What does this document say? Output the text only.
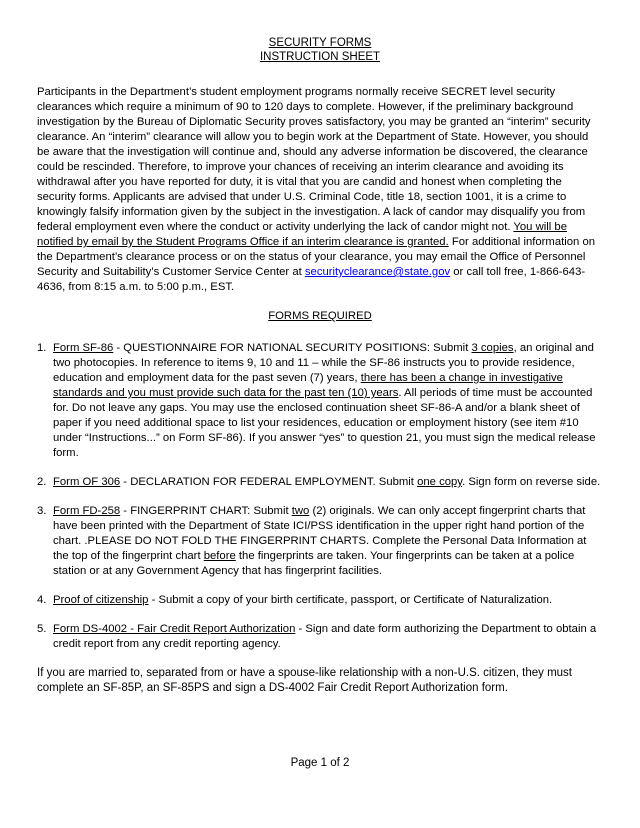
SECURITY FORMS
INSTRUCTION SHEET

Participants in the Department’s student employment programs normally receive SECRET level security clearances which require a minimum of 90 to 120 days to complete. However, if the preliminary background investigation by the Bureau of Diplomatic Security proves satisfactory, you may be granted an “interim” security clearance. An “interim” clearance will allow you to begin work at the Department of State. However, you should be aware that the investigation will continue and, should any adverse information be discovered, the clearance could be rescinded. Therefore, to improve your chances of receiving an interim clearance and avoiding its withdrawal after you have reported for duty, it is vital that you are candid and honest when completing the security forms. Applicants are advised that under U.S. Criminal Code, title 18, section 1001, it is a crime to knowingly falsify information given by the subject in the investigation. A lack of candor may disqualify you from federal employment even where the conduct or activity underlying the lack of candor might not. You will be notified by email by the Student Programs Office if an interim clearance is granted. For additional information on the Department’s clearance process or on the status of your clearance, you may email the Office of Personnel Security and Suitability’s Customer Service Center at securityclearance@state.gov or call toll free, 1-866-643-4636, from 8:15 a.m. to 5:00 p.m., EST.

FORMS REQUIRED
1. Form SF-86 - QUESTIONNAIRE FOR NATIONAL SECURITY POSITIONS: Submit 3 copies, an original and two photocopies. In reference to items 9, 10 and 11 – while the SF-86 instructs you to provide residence, education and employment data for the past seven (7) years, there has been a change in investigative standards and you must provide such data for the past ten (10) years. All periods of time must be accounted for. Do not leave any gaps. You may use the enclosed continuation sheet SF-86-A and/or a blank sheet of paper if you need additional space to list your residences, education or employment history (see item #10 under “Instructions...” on Form SF-86). If you answer “yes” to question 21, you must sign the medical release form.
2. Form OF 306 - DECLARATION FOR FEDERAL EMPLOYMENT. Submit one copy. Sign form on reverse side.
3. Form FD-258 - FINGERPRINT CHART: Submit two (2) originals. We can only accept fingerprint charts that have been printed with the Department of State ICI/PSS identification in the upper right hand portion of the chart. .PLEASE DO NOT FOLD THE FINGERPRINT CHARTS. Complete the Personal Data Information at the top of the fingerprint chart before the fingerprints are taken. Your fingerprints can be taken at a police station or at any Government Agency that has fingerprint facilities.
4. Proof of citizenship - Submit a copy of your birth certificate, passport, or Certificate of Naturalization.
5. Form DS-4002 - Fair Credit Report Authorization - Sign and date form authorizing the Department to obtain a credit report from any credit reporting agency.

If you are married to, separated from or have a spouse-like relationship with a non-U.S. citizen, they must complete an SF-85P, an SF-85PS and sign a DS-4002 Fair Credit Report Authorization form.

Page 1 of 2
